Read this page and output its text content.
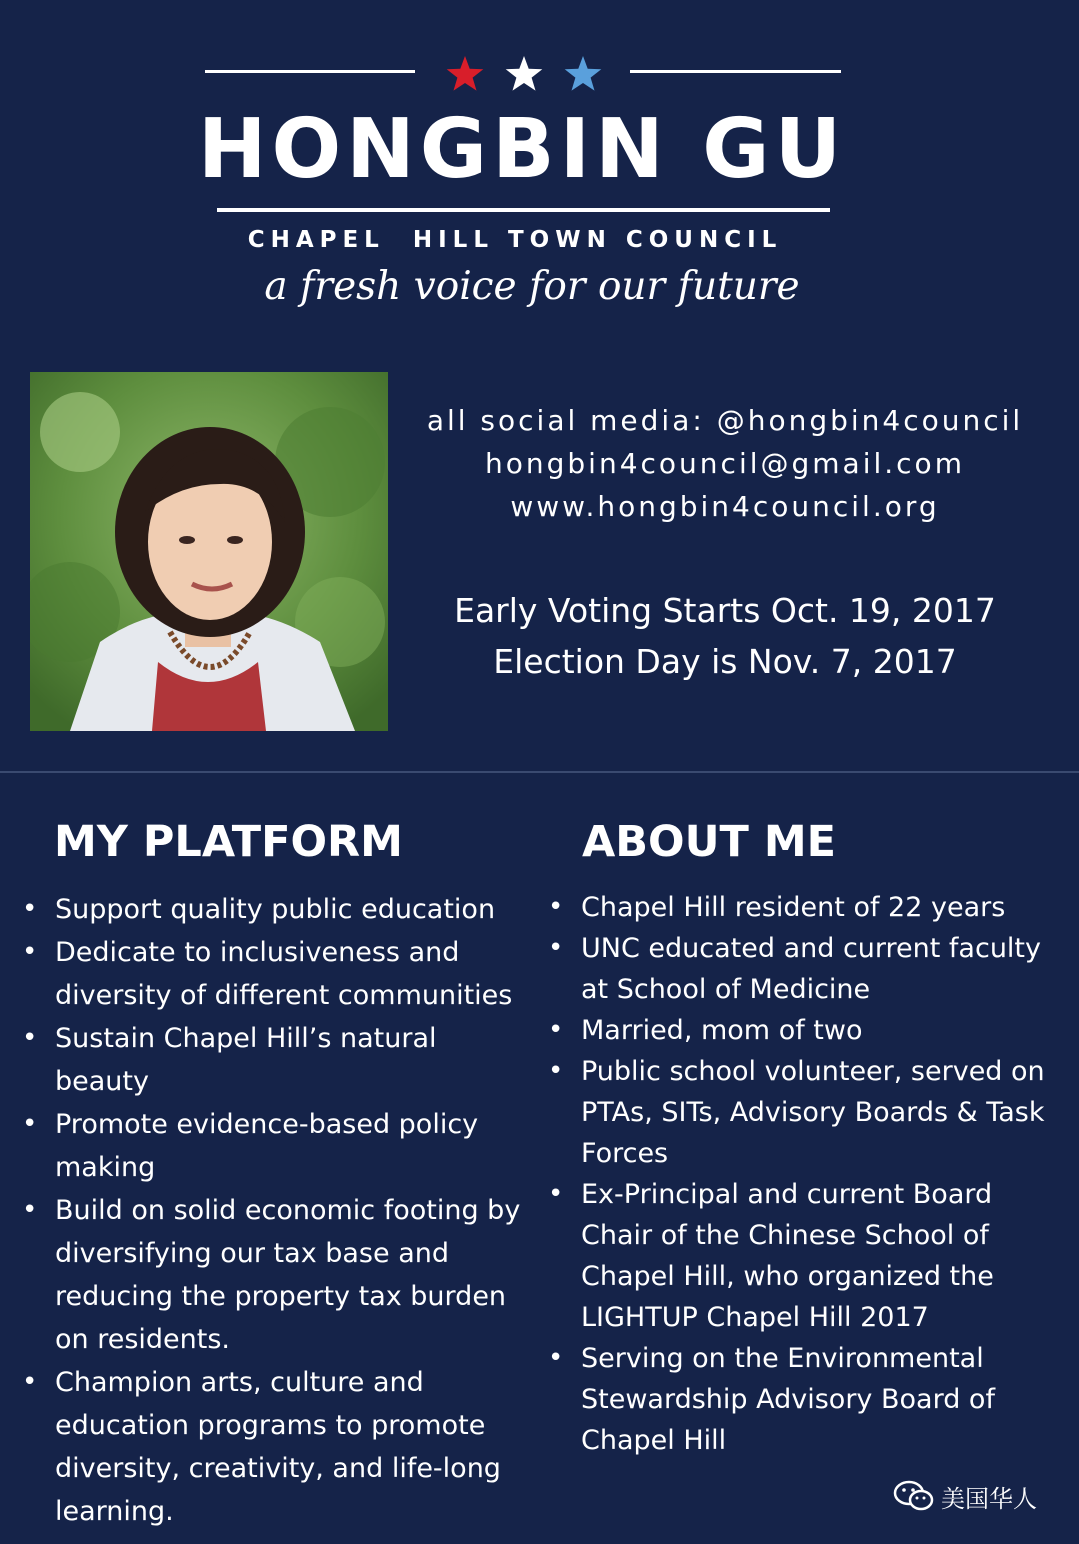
HONGBIN GU
CHAPEL  HILL TOWN COUNCIL
a fresh voice for our future
all social media: @hongbin4council
hongbin4council@gmail.com
www.hongbin4council.org
Early Voting Starts Oct. 19, 2017
Election Day is Nov. 7, 2017
MY PLATFORM
• Support quality public education
• Dedicate to inclusiveness and diversity of different communities
• Sustain Chapel Hill’s natural beauty
• Promote evidence-based policy making
• Build on solid economic footing by diversifying our tax base and reducing the property tax burden on residents.
• Champion arts, culture and education programs to promote diversity, creativity, and life-long learning.
ABOUT ME
• Chapel Hill resident of 22 years
• UNC educated and current faculty at School of Medicine
• Married, mom of two
• Public school volunteer, served on PTAs, SITs, Advisory Boards & Task Forces
• Ex-Principal and current Board Chair of the Chinese School of Chapel Hill, who organized the LIGHTUP Chapel Hill 2017
• Serving on the Environmental Stewardship Advisory Board of Chapel Hill
美国华人
